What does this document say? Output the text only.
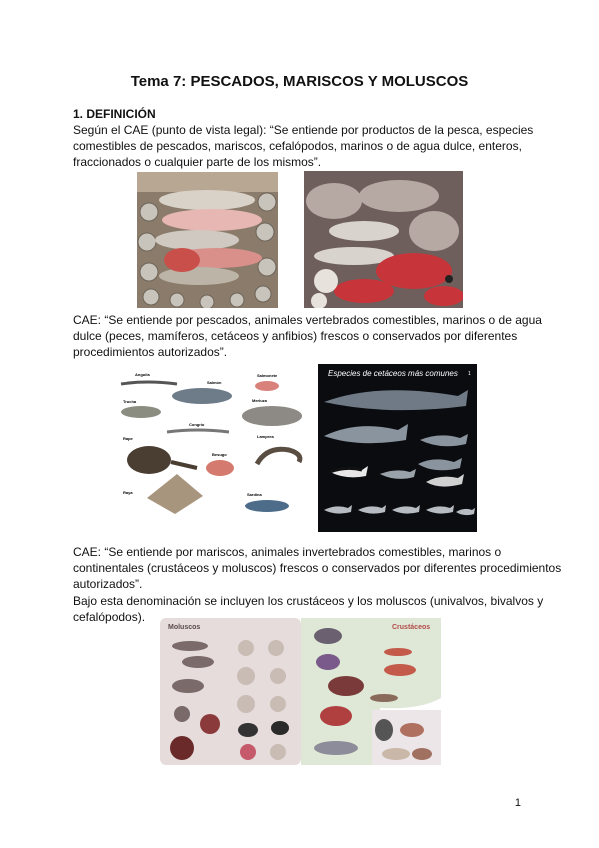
Tema 7: PESCADOS, MARISCOS Y MOLUSCOS
1. DEFINICIÓN

Según el CAE (punto de vista legal): “Se entiende por productos de la pesca, especies
comestibles de pescados, mariscos, cefalópodos, marinos o de agua dulce, enteros,
fraccionados o cualquier parte de los mismos”.

CAE: “Se entiende por pescados, animales vertebrados comestibles, marinos o de agua
dulce (peces, mamíferos, cetáceos y anfibios) frescos o conservados por diferentes
procedimientos autorizados”.

Anguila	Salmonete
Trucha
Salmón
Merluza
Congrio
Rape
Besugo
Lamprea
Raya	Sardina
Especies de cetáceos más comunes 1

CAE: “Se entiende por mariscos, animales invertebrados comestibles, marinos o
continentales (crustáceos y moluscos) frescos o conservados por diferentes procedimientos
autorizados”.
Bajo esta denominación se incluyen los crustáceos y los moluscos (univalvos, bivalvos y
cefalópodos).

Moluscos	Crustáceos
1
